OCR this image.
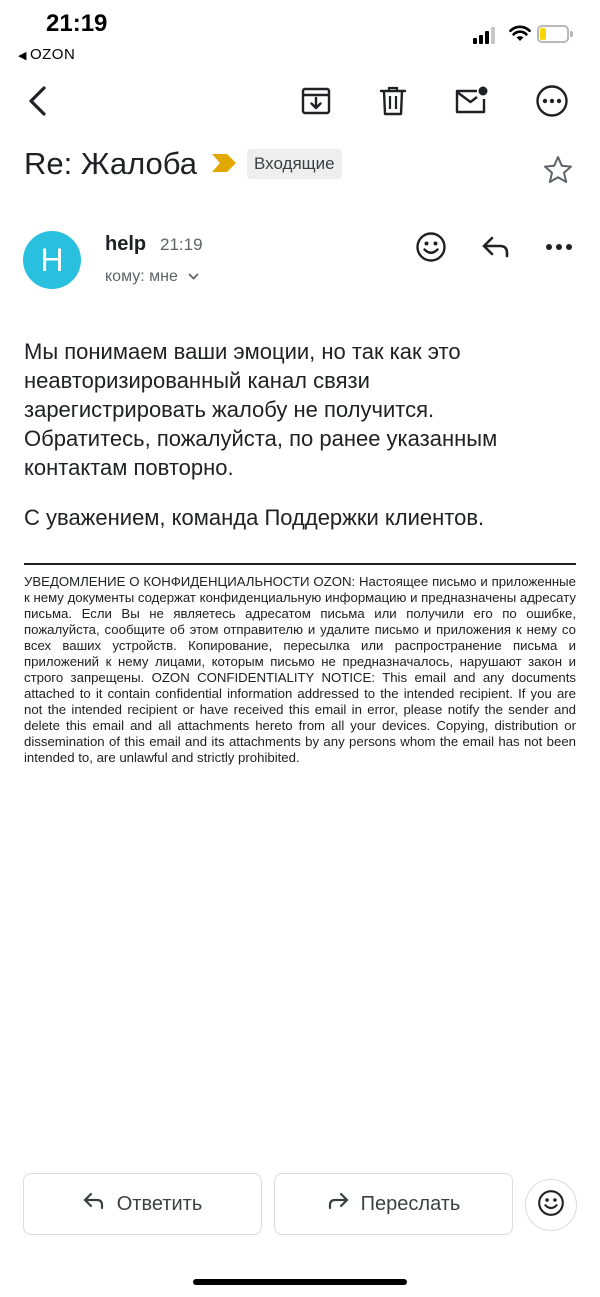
21:19
◀ OZON
Re: Жалоба	Входящие
H	help 21:19
кому: мне

Мы понимаем ваши эмоции, но так как это

неавторизированный канал связи

зарегистрировать жалобу не получится.

Обратитесь, пожалуйста, по ранее указанным

контактам повторно.

С уважением, команда Поддержки клиентов.
УВЕДОМЛЕНИЕ О КОНФИДЕНЦИАЛЬНОСТИ OZON: Настоящее письмо и приложенные к нему документы содержат конфиденциальную информацию и предназначены адресату письма. Если Вы не являетесь адресатом письма или получили его по ошибке, пожалуйста, сообщите об этом отправителю и удалите письмо и приложения к нему со всех ваших устройств. Копирование, пересылка или распространение письма и приложений к нему лицами, которым письмо не предназначалось, нарушают закон и строго запрещены. OZON CONFIDENTIALITY NOTICE: This email and any documents attached to it contain confidential information addressed to the intended recipient. If you are not the intended recipient or have received this email in error, please notify the sender and delete this email and all attachments hereto from all your devices. Copying, distribution or dissemination of this email and its attachments by any persons whom the email has not been intended to, are unlawful and strictly prohibited.
Ответить	Переслать
